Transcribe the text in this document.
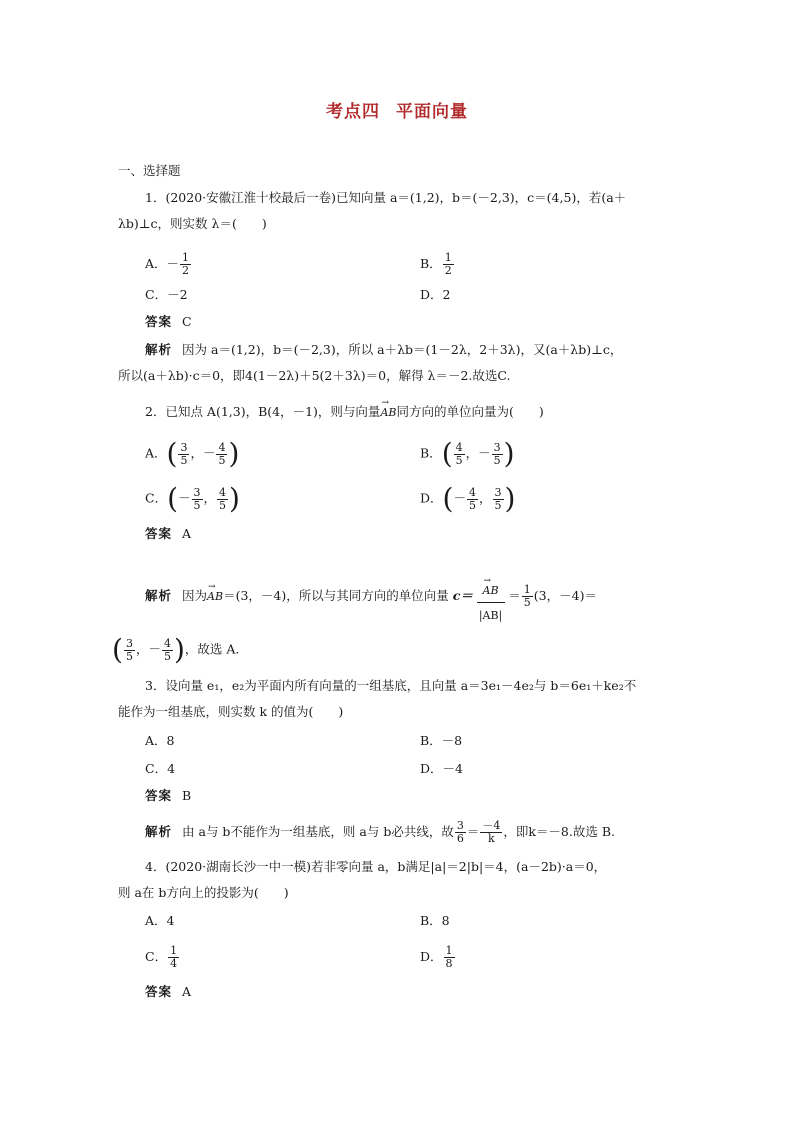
考点四 平面向量
一、选择题
1．(2020·安徽江淮十校最后一卷)已知向量 a＝(1,2)，b＝(－2,3)，c＝(4,5)，若(a＋
λb)⊥c，则实数 λ＝(　　)
A．－ $\frac{1}{2}$	B． $\frac{1}{2}$
C．－2	D．2
答案 C
解析 因为 a＝(1,2)，b＝(－2,3)，所以 a＋λb＝(1－2λ，2＋3λ)，又(a＋λb)⊥c，
所以(a＋λb)·c＝0，即4(1－2λ)＋5(2＋3λ)＝0，解得 λ＝－2.故选C.
2．已知点 A(1,3)，B(4，－1)，则与向量→ AB同方向的单位向量为(　　)
A．( $\frac{3}{5}$ ，－ $\frac{4}{5}$ )	B．( $\frac{4}{5}$ ，－ $\frac{3}{5}$ )
C．(－ $\frac{3}{5}$ ， $\frac{4}{5}$ )	D．(－ $\frac{4}{5}$ ， $\frac{3}{5}$ )
答案 A
解析 因为→ AB＝(3，－4)，所以与其同方向的单位向量 c＝
→ $\frac{AB}{|AB|} = \frac{1}{5} (3$，－4)＝
( $\frac{3}{5}$ ，－ $\frac{4}{5}$ )，故选 A.
3．设向量 e₁，e₂为平面内所有向量的一组基底，且向量 a＝3e₁－4e₂与 b＝6e₁＋ke₂不
能作为一组基底，则实数 k 的值为(　　)
A．8	B．－8
C．4	D．－4
答案 B
解析 由 a与 b不能作为一组基底，则 a与 b必共线，故 $\frac{3}{6} = \frac{-4}{k}$ ，即k＝－8.故选 B.
4．(2020·湖南长沙一中一模)若非零向量 a，b满足|a|＝2|b|＝4，(a－2b)·a＝0，
则 a在 b方向上的投影为(　　)
A．4	B．8
C． $\frac{1}{4}$	D． $\frac{1}{8}$
答案 A
